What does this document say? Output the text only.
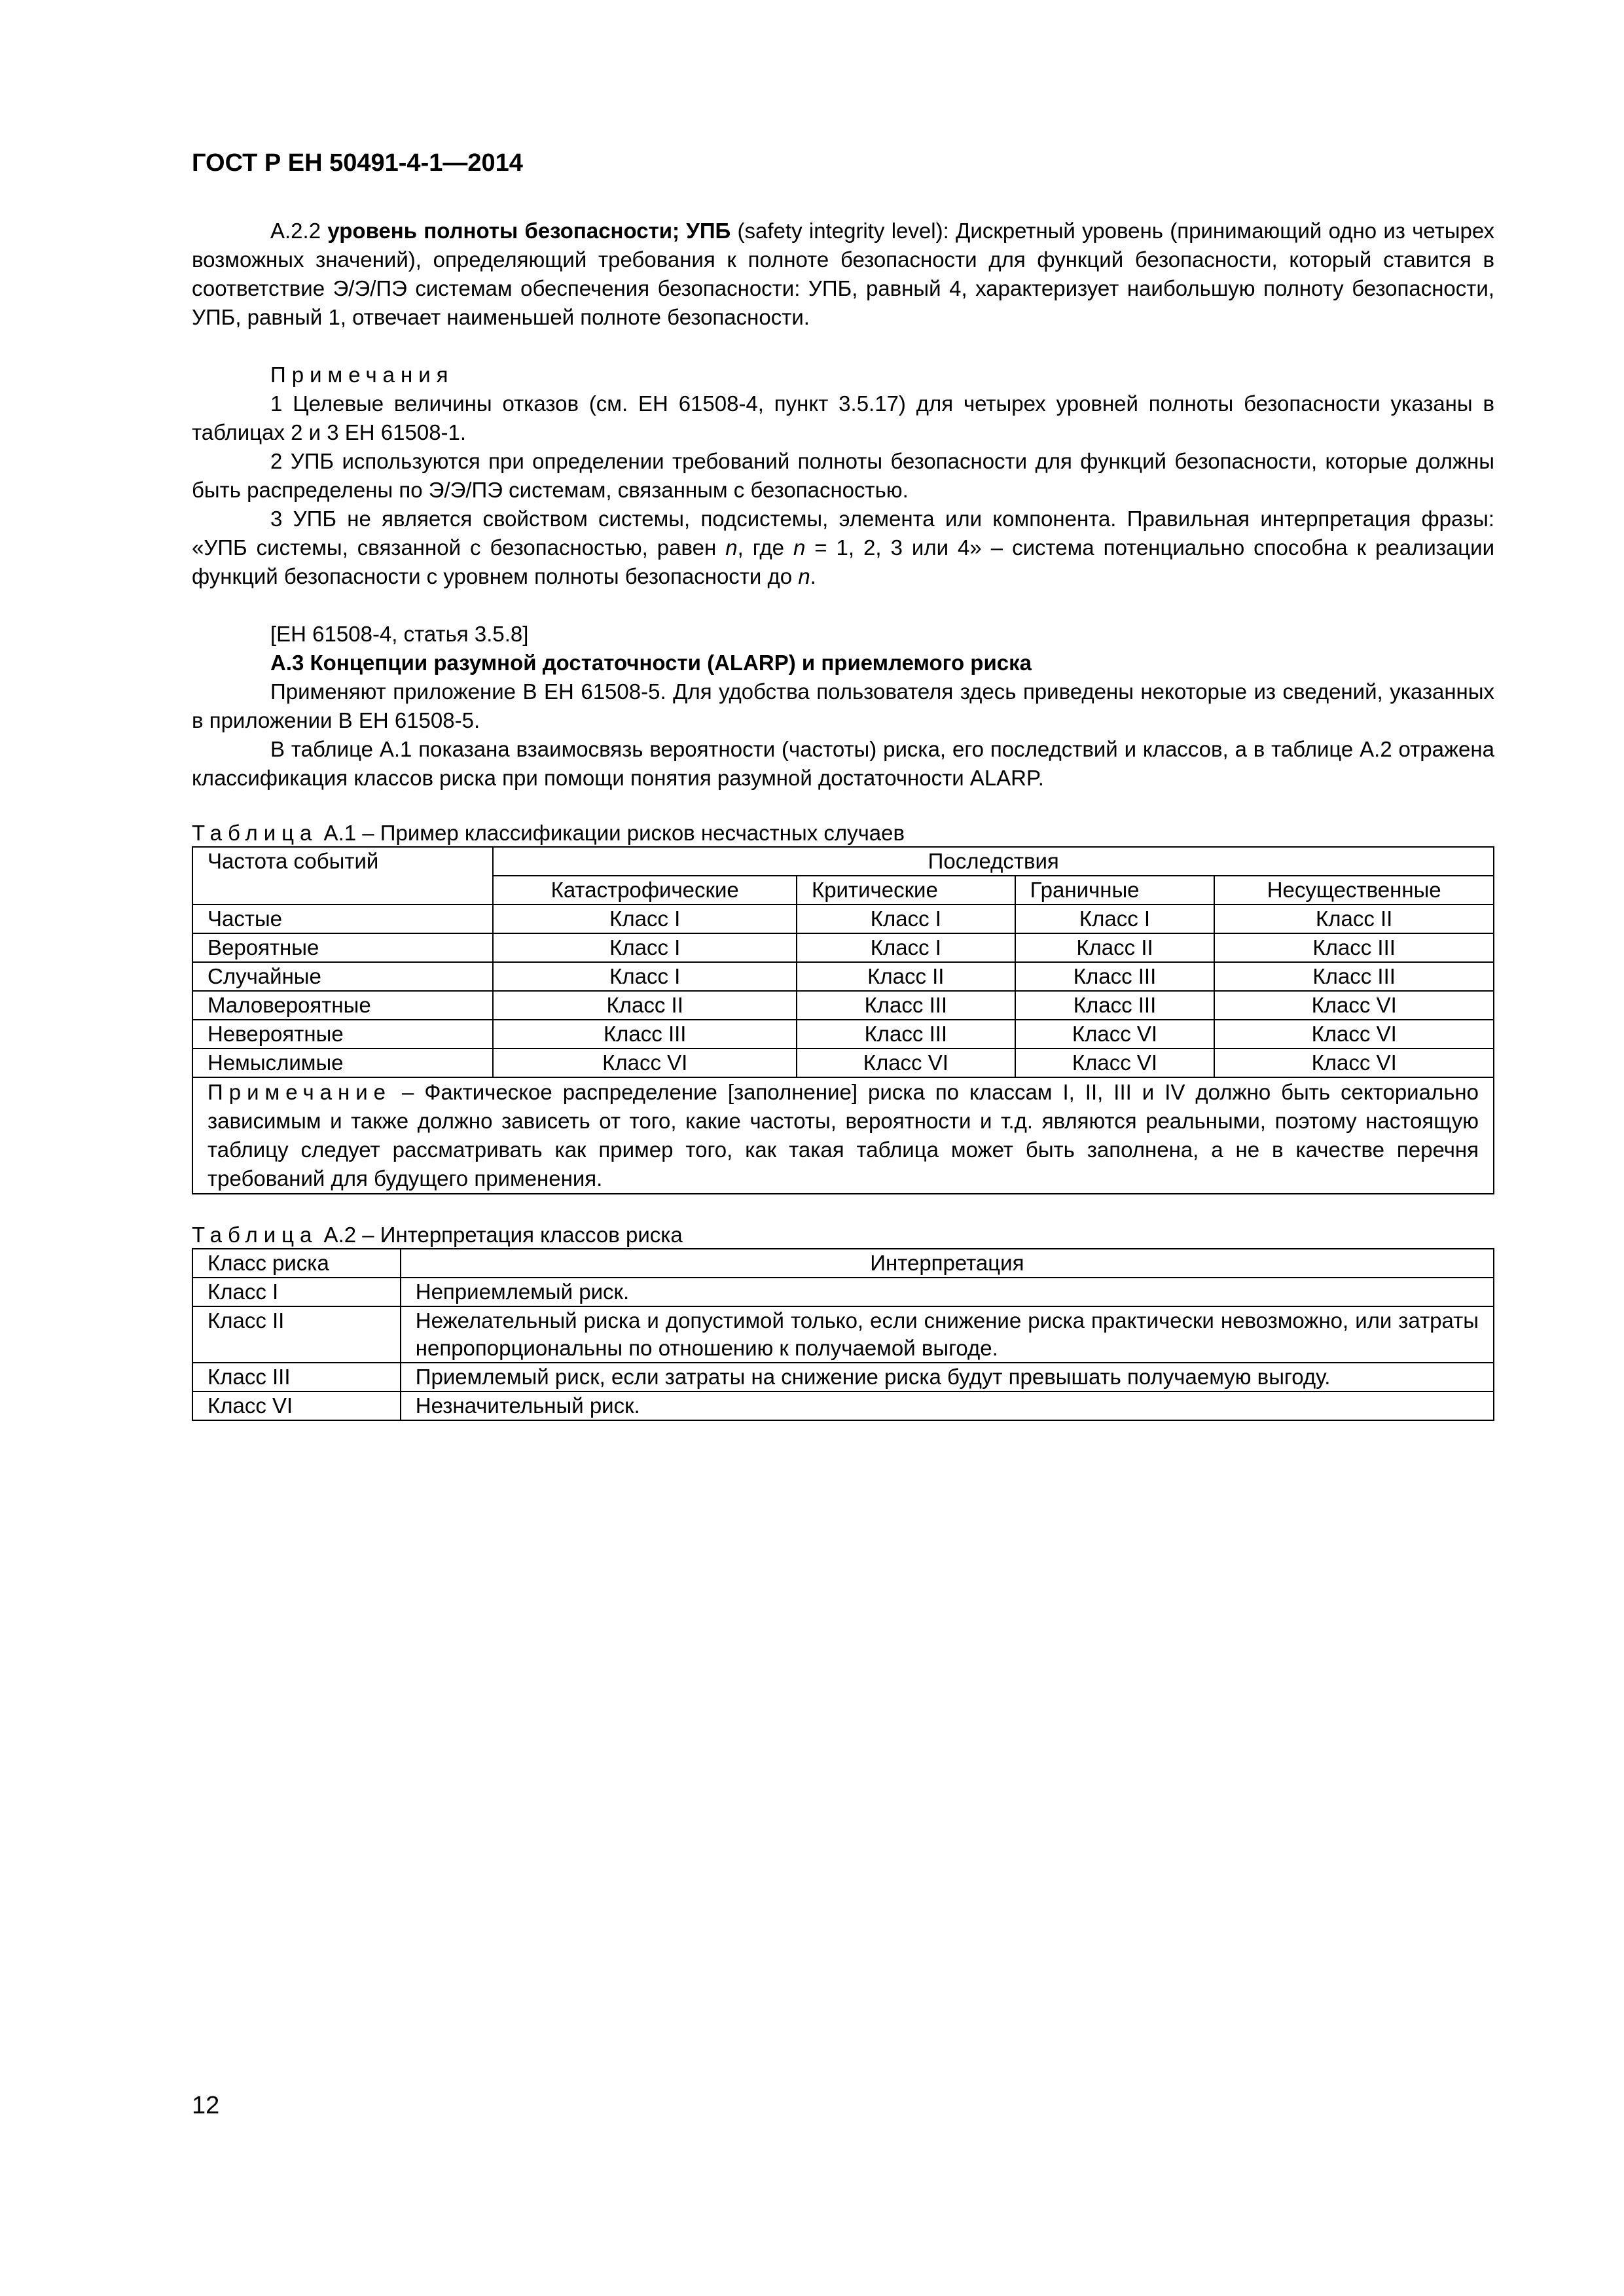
ГОСТ Р ЕН 50491-4-1—2014

А.2.2 уровень полноты безопасности; УПБ (safety integrity level): Дискретный уровень (принимающий одно из четырех возможных значений), определяющий требования к полноте безопасности для функций безопасности, который ставится в соответствие Э/Э/ПЭ системам обеспечения безопасности: УПБ, равный 4, характеризует наибольшую полноту безопасности, УПБ, равный 1, отвечает наименьшей полноте безопасности.

Примечания

1 Целевые величины отказов (см. ЕН 61508-4, пункт 3.5.17) для четырех уровней полноты безопасности указаны в таблицах 2 и 3 ЕН 61508-1.

2 УПБ используются при определении требований полноты безопасности для функций безопасности, которые должны быть распределены по Э/Э/ПЭ системам, связанным с безопасностью.

3 УПБ не является свойством системы, подсистемы, элемента или компонента. Правильная интерпретация фразы: «УПБ системы, связанной с безопасностью, равен n, где n = 1, 2, 3 или 4» – система потенциально способна к реализации функций безопасности с уровнем полноты безопасности до n.

[ЕН 61508-4, статья 3.5.8]

А.3 Концепции разумной достаточности (ALARP) и приемлемого риска

Применяют приложение В ЕН 61508-5. Для удобства пользователя здесь приведены некоторые из сведений, указанных в приложении В ЕН 61508-5.

В таблице А.1 показана взаимосвязь вероятности (частоты) риска, его последствий и классов, а в таблице А.2 отражена классификация классов риска при помощи понятия разумной достаточности ALARP.

Таблица А.1 – Пример классификации рисков несчастных случаев
Частота событий	Последствия			
	Катастрофические	Критические	Граничные	Несущественные
Частые	Класс I	Класс I	Класс I	Класс II
Вероятные	Класс I	Класс I	Класс II	Класс III
Случайные	Класс I	Класс II	Класс III	Класс III
Маловероятные	Класс II	Класс III	Класс III	Класс VI
Невероятные	Класс III	Класс III	Класс VI	Класс VI
Немыслимые	Класс VI	Класс VI	Класс VI	Класс VI
Примечание – Фактическое распределение [заполнение] риска по классам I, II, III и IV должно быть секториально зависимым и также должно зависеть от того, какие частоты, вероятности и т.д. являются реальными, поэтому настоящую таблицу следует рассматривать как пример того, как такая таблица может быть заполнена, а не в качестве перечня требований для будущего применения.				
Таблица А.2 – Интерпретация классов риска
Класс риска	Интерпретация
Класс I	Неприемлемый риск.
Класс II	Нежелательный риска и допустимой только, если снижение риска практически невозможно, или затраты непропорциональны по отношению к получаемой выгоде.
Класс III	Приемлемый риск, если затраты на снижение риска будут превышать получаемую выгоду.
Класс VI	Незначительный риск.
12
